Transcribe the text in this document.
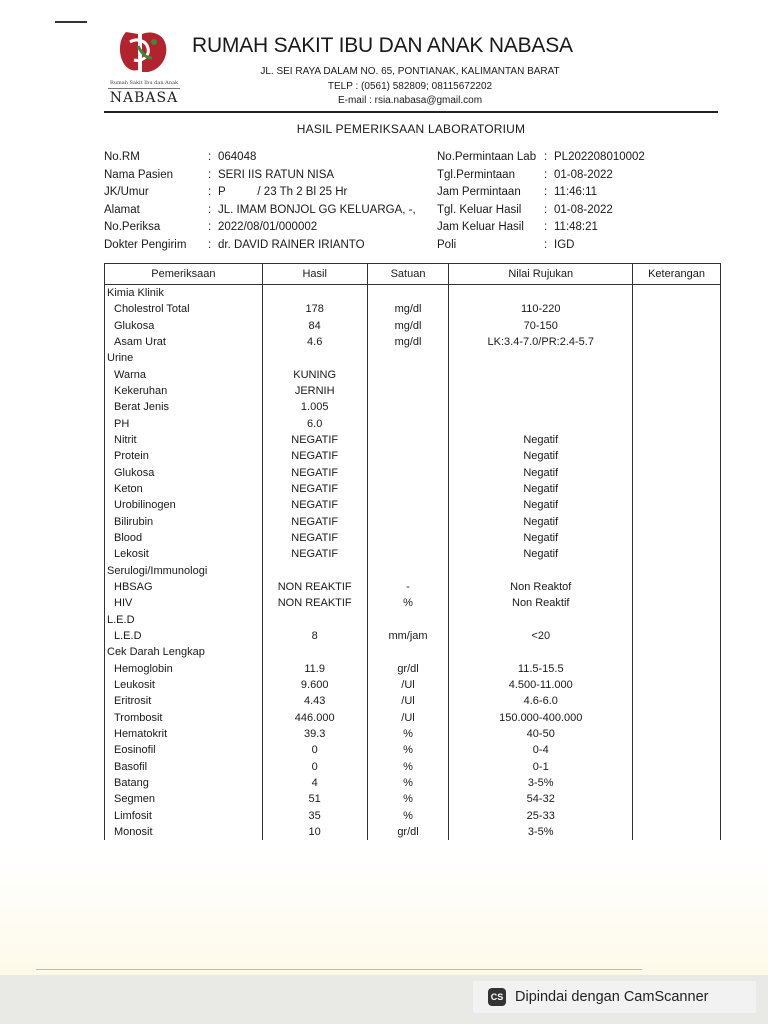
Rumah Sakit Ibu dan Anak
NABASA
RUMAH SAKIT IBU DAN ANAK NABASA
JL. SEI RAYA DALAM NO. 65, PONTIANAK, KALIMANTAN BARAT
TELP : (0561) 582809; 08115672202
E-mail : rsia.nabasa@gmail.com
HASIL PEMERIKSAAN LABORATORIUM
No.RM	: 064048
Nama Pasien	: SERI IIS RATUN NISA
JK/Umur	: P          / 23 Th 2 Bl 25 Hr
Alamat	: JL. IMAM BONJOL GG KELUARGA, -,
No.Periksa	: 2022/08/01/000002
Dokter Pengirim	: dr. DAVID RAINER IRIANTO
No.Permintaan Lab : PL202208010002
Tgl.Permintaan	: 01-08-2022
Jam Permintaan	: 11:46:11
Tgl. Keluar Hasil	: 01-08-2022
Jam Keluar Hasil	: 11:48:21
Poli	: IGD
Pemeriksaan	Hasil	Satuan	Nilai Rujukan	Keterangan
Kimia Klinik				
Cholestrol Total	178	mg/dl	110-220	
Glukosa	84	mg/dl	70-150	
Asam Urat	4.6	mg/dl	LK:3.4-7.0/PR:2.4-5.7	
Urine				
Warna	KUNING			
Kekeruhan	JERNIH			
Berat Jenis	1.005			
PH	6.0			
Nitrit	NEGATIF		Negatif	
Protein	NEGATIF		Negatif	
Glukosa	NEGATIF		Negatif	
Keton	NEGATIF		Negatif	
Urobilinogen	NEGATIF		Negatif	
Bilirubin	NEGATIF		Negatif	
Blood	NEGATIF		Negatif	
Lekosit	NEGATIF		Negatif	
Serulogi/Immunologi				
HBSAG	NON REAKTIF	-	Non Reaktof	
HIV	NON REAKTIF	%	Non Reaktif	
L.E.D				
L.E.D	8	mm/jam	<20	
Cek Darah Lengkap				
Hemoglobin	11.9	gr/dl	11.5-15.5	
Leukosit	9.600	/Ul	4.500-11.000	
Eritrosit	4.43	/Ul	4.6-6.0	
Trombosit	446.000	/Ul	150.000-400.000	
Hematokrit	39.3	%	40-50	
Eosinofil	0	%	0-4	
Basofil	0	%	0-1	
Batang	4	%	3-5%	
Segmen	51	%	54-32	
Limfosit	35	%	25-33	
Monosit	10	gr/dl	3-5%	
CS Dipindai dengan CamScanner
